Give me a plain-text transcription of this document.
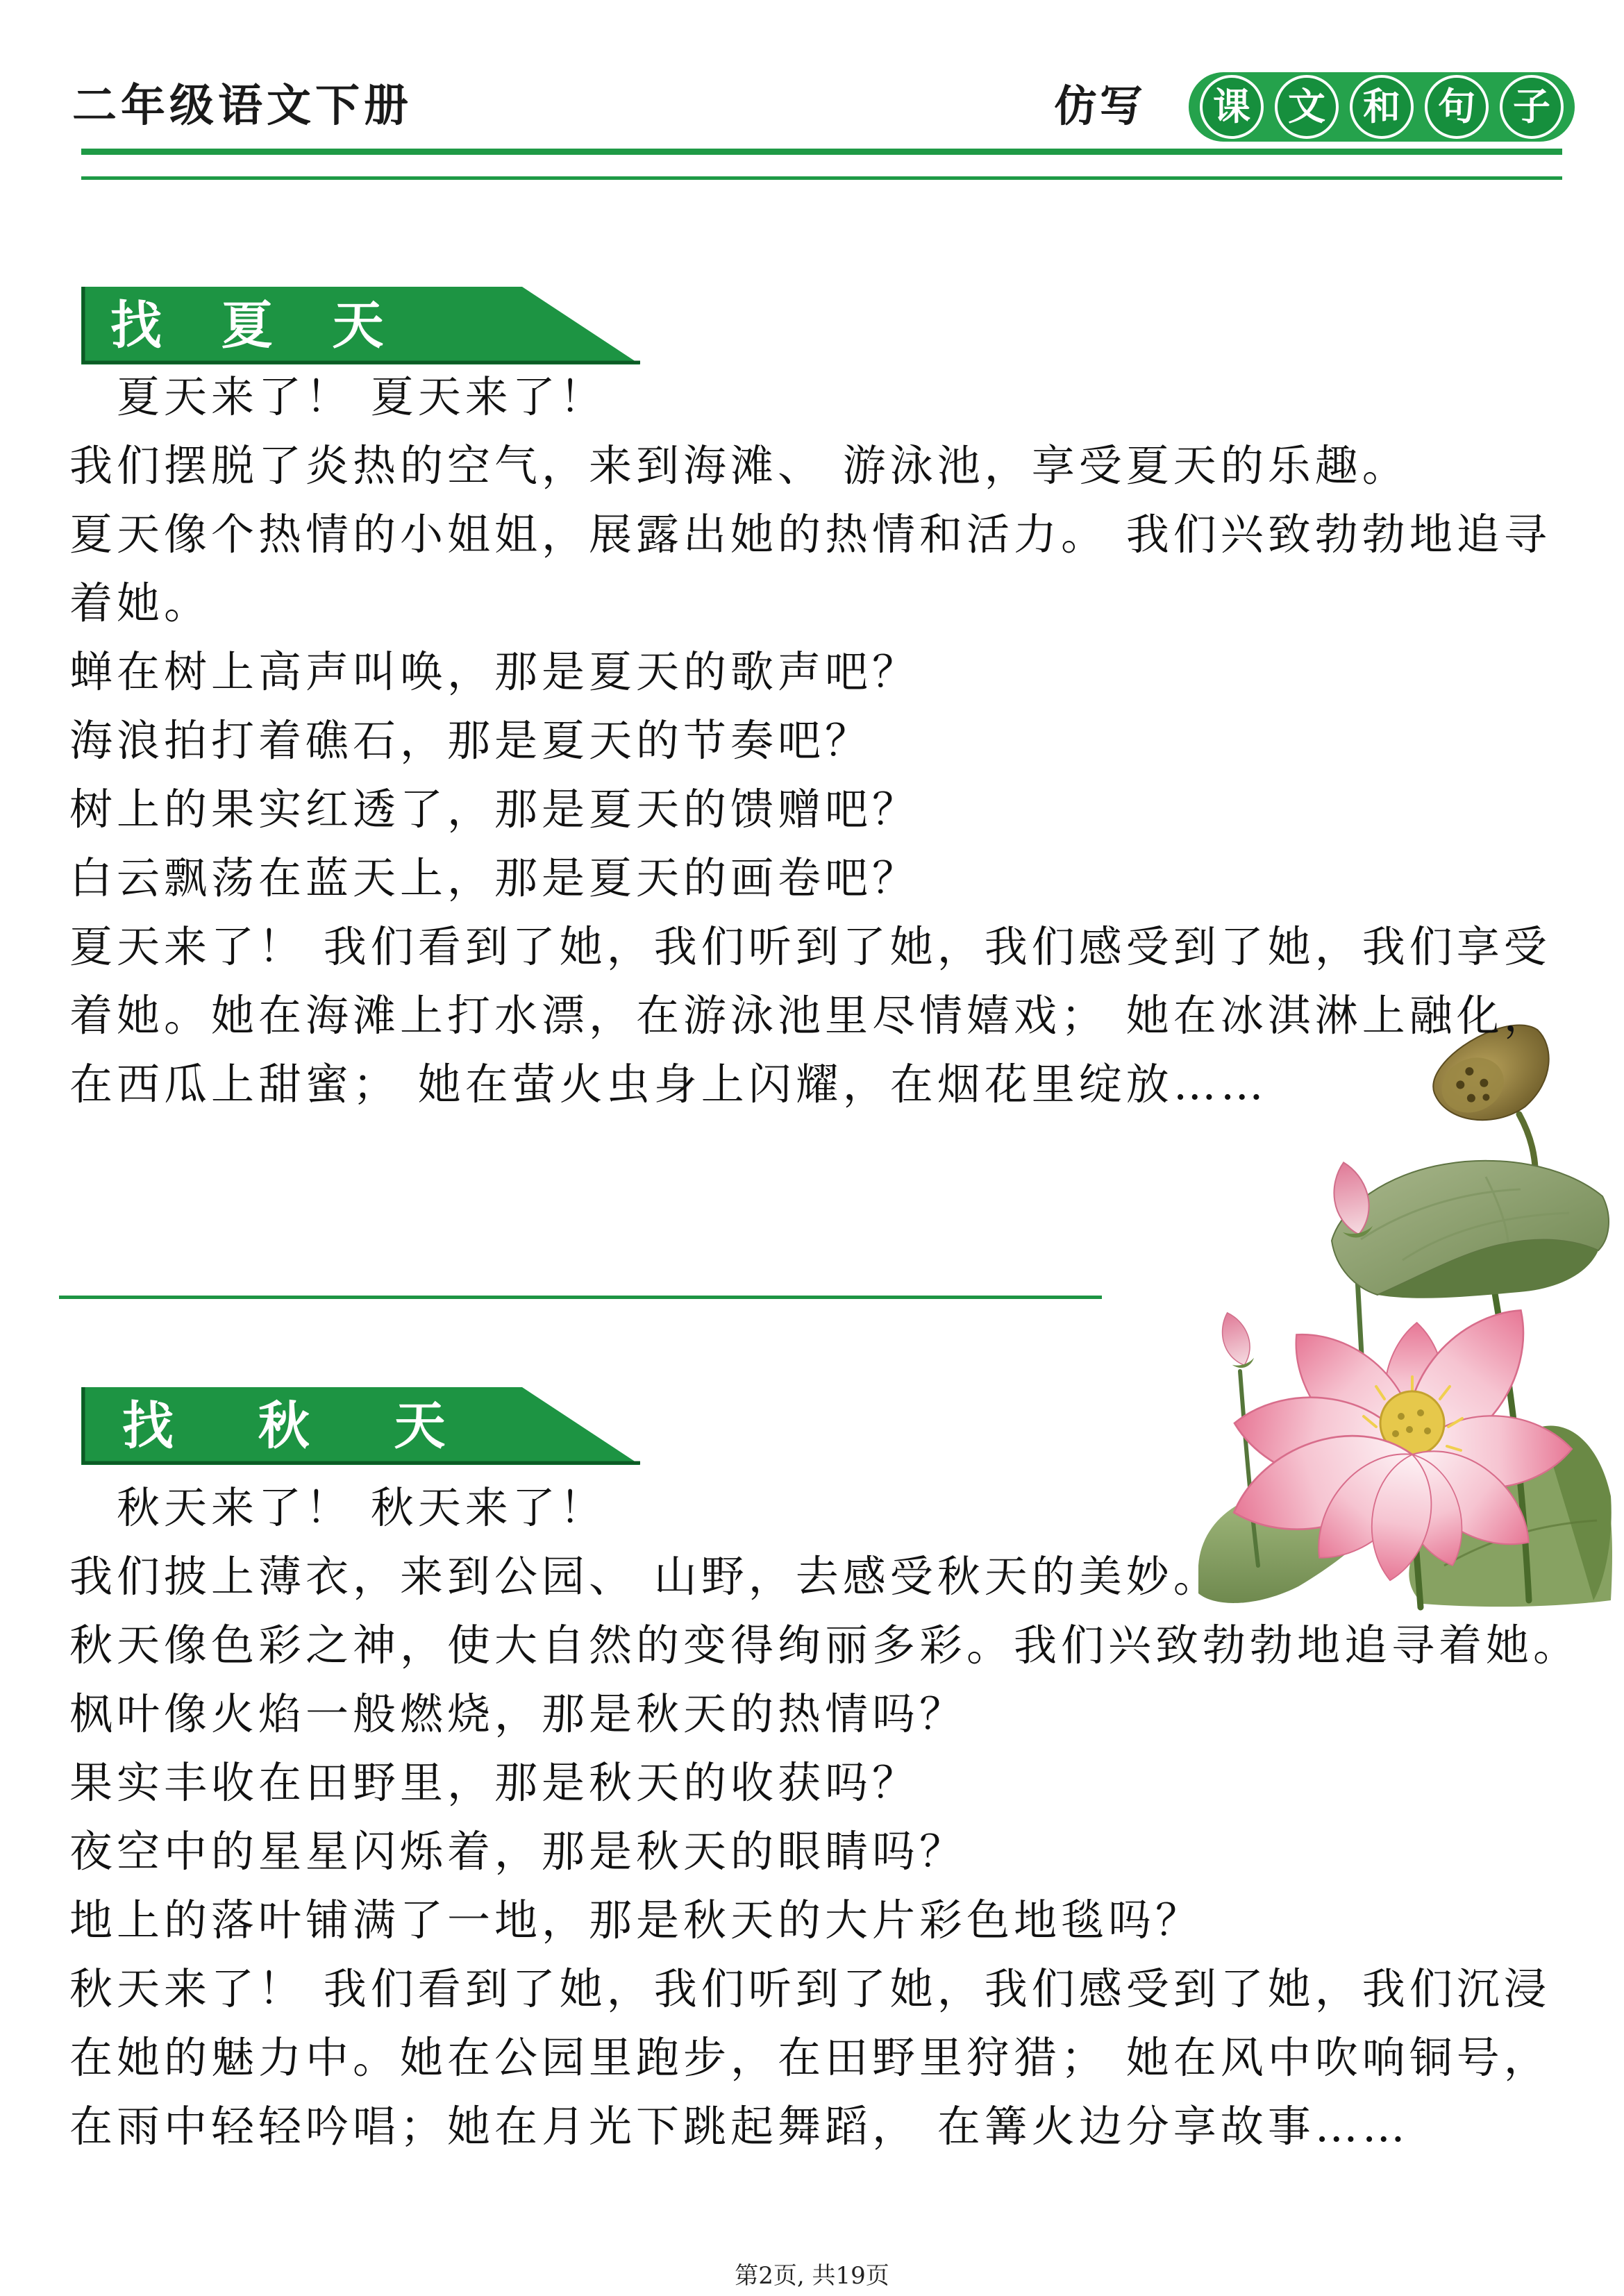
二年级语文下册	仿写	课	文	和	句	子
找 夏 天

夏天来了！ 夏天来了！

我们摆脱了炎热的空气，来到海滩、 游泳池，享受夏天的乐趣。

夏天像个热情的小姐姐，展露出她的热情和活力。 我们兴致勃勃地追寻着她。

蝉在树上高声叫唤，那是夏天的歌声吧？

海浪拍打着礁石，那是夏天的节奏吧？

树上的果实红透了，那是夏天的馈赠吧？

白云飘荡在蓝天上，那是夏天的画卷吧？

夏天来了！ 我们看到了她，我们听到了她，我们感受到了她，我们享受着她。她在海滩上打水漂，在游泳池里尽情嬉戏； 她在冰淇淋上融化，在西瓜上甜蜜； 她在萤火虫身上闪耀，在烟花里绽放……

找 秋 天

秋天来了！ 秋天来了！

我们披上薄衣，来到公园、 山野，去感受秋天的美妙。

秋天像色彩之神，使大自然的变得绚丽多彩。我们兴致勃勃地追寻着她。

枫叶像火焰一般燃烧，那是秋天的热情吗？

果实丰收在田野里，那是秋天的收获吗？

夜空中的星星闪烁着，那是秋天的眼睛吗？

地上的落叶铺满了一地，那是秋天的大片彩色地毯吗？

秋天来了！ 我们看到了她，我们听到了她，我们感受到了她，我们沉浸在她的魅力中。她在公园里跑步，在田野里狩猎； 她在风中吹响铜号，在雨中轻轻吟唱；她在月光下跳起舞蹈， 在篝火边分享故事……

第2页, 共19页
